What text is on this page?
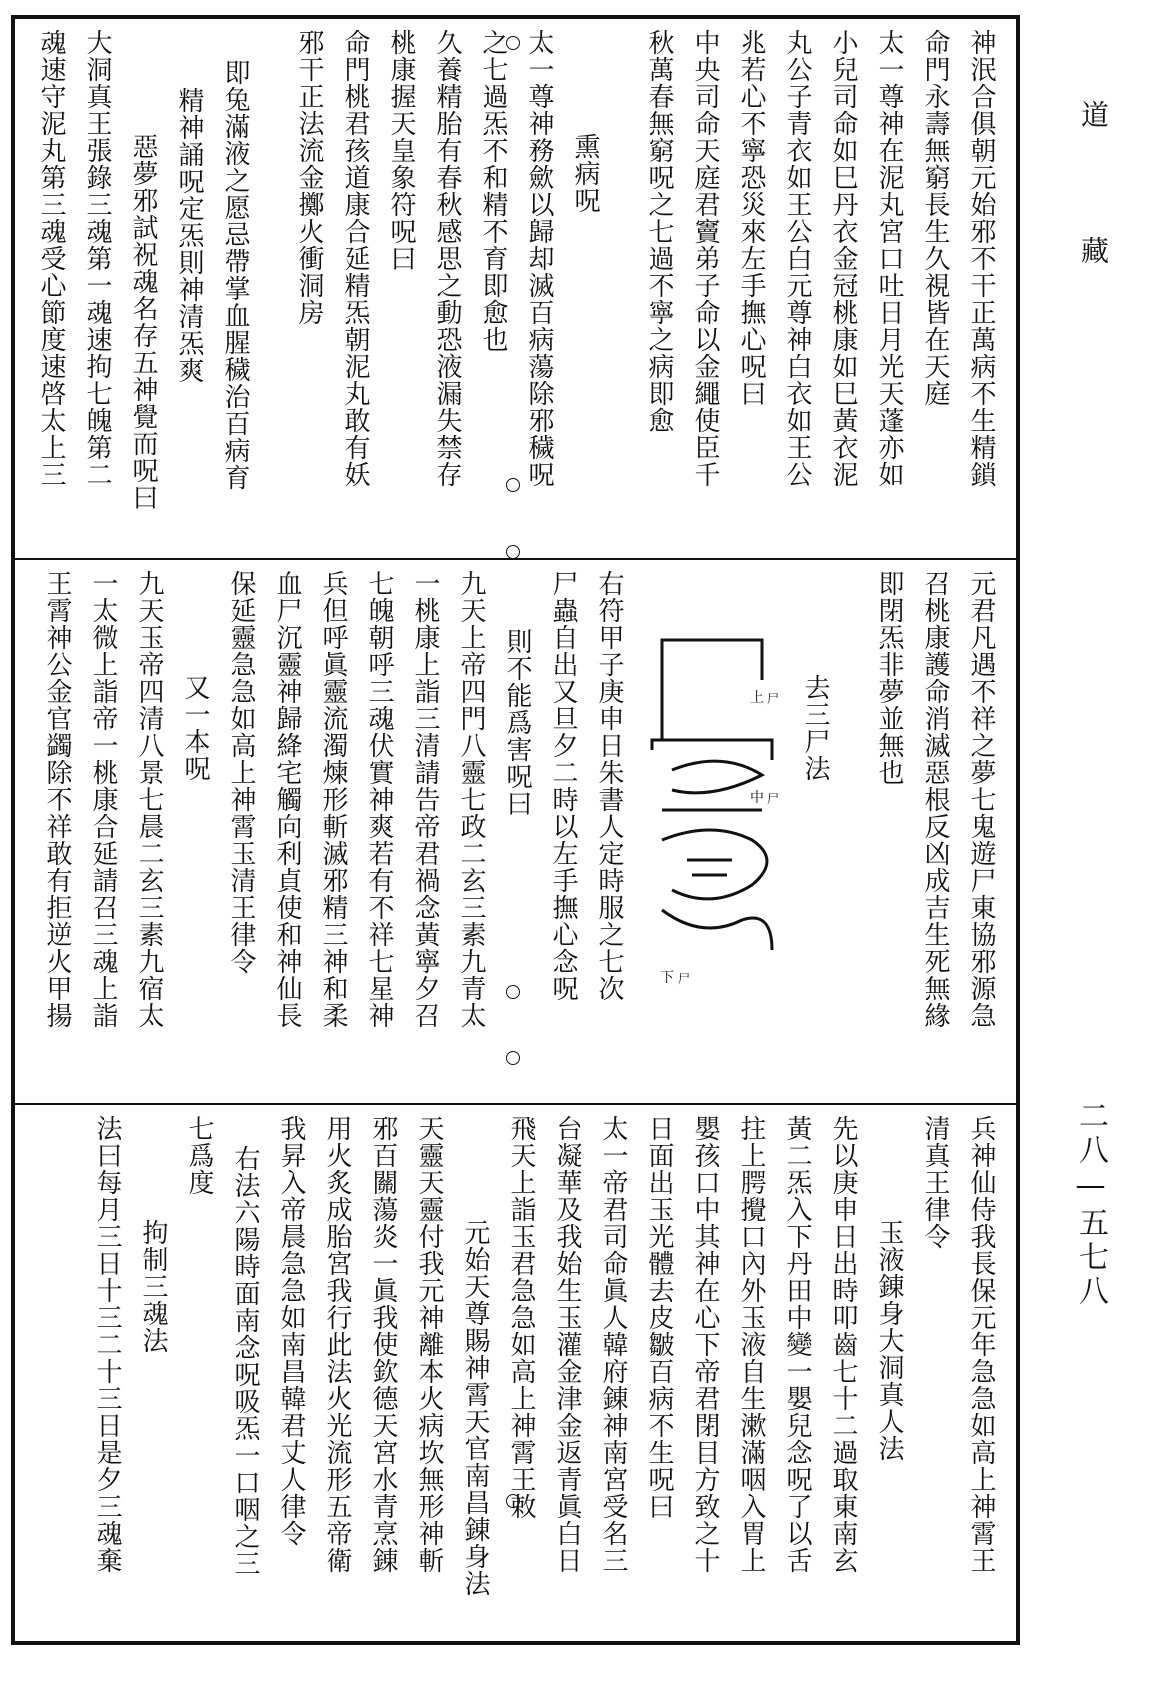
道
藏
二八—五七八
神泯合俱朝元始邪不干正萬病不生精鎖
命門永壽無窮長生久視皆在天庭
太一尊神在泥丸宮口吐日月光天蓬亦如
小兒司命如巳丹衣金冠桃康如巳黃衣泥
丸公子青衣如王公白元尊神白衣如王公
兆若心不寧恐災來左手撫心呪曰
中央司命天庭君竇弟子命以金繩使臣千
秋萬春無窮呪之七過不寧之病即愈
熏病呪
太一尊神務歛以歸却滅百病蕩除邪穢呪
之七過炁不和精不育即愈也
久養精胎有春秋感思之動恐液漏失禁存
桃康握天皇象符呪曰
命門桃君孩道康合延精炁朝泥丸敢有妖
邪干正法流金擲火衝洞房
即兔滿液之愿忌帶掌血腥穢治百病育
精神誦呪定炁則神清炁爽
惡夢邪試祝魂名存五神覺而呪曰
大洞真王張錄三魂第一魂速拘七魄第二
魂速守泥丸第三魂受心節度速啓太上三
元君凡遇不祥之夢七鬼遊尸東協邪源急
召桃康護命消滅惡根反凶成吉生死無緣
即閉炁非夢並無也
去三尸法
上 尸
中 尸
下 尸
右符甲子庚申日朱書人定時服之七次
尸蟲自出又旦夕二時以左手撫心念呪
則不能爲害呪曰
九天上帝四門八靈七政二玄三素九青太
一桃康上詣三清請告帝君禍念黃寧夕召
七魄朝呼三魂伏實神爽若有不祥七星神
兵但呼眞靈流濁煉形斬滅邪精三神和柔
血尸沉靈神歸絳宅觸向利貞使和神仙長
保延靈急急如高上神霄玉清王律令
又一本呪
九天玉帝四清八景七晨二玄三素九宿太
一太微上詣帝一桃康合延請召三魂上詣
王霄神公金官蠲除不祥敢有拒逆火甲揚
兵神仙侍我長保元年急急如高上神霄王
清真王律令
玉液錬身大洞真人法
先以庚申日出時叩齒七十二過取東南玄
黃二炁入下丹田中變一嬰兒念呪了以舌
拄上腭攪口內外玉液自生漱滿咽入胃上
嬰孩口中其神在心下帝君閉目方致之十
日面出玉光體去皮皺百病不生呪曰
太一帝君司命眞人韓府錬神南宮受名三
台凝華及我始生玉灌金津金返青眞白日
飛天上詣玉君急急如高上神霄王敕
元始天尊賜神霄天官南昌錬身法
天靈天靈付我元神離本火病坎無形神斬
邪百關蕩炎一眞我使欽德天宮水青烹錬
用火炙成胎宮我行此法火光流形五帝衛
我昇入帝晨急急如南昌韓君丈人律令
右法六陽時面南念呪吸炁一口咽之三
七爲度
拘制三魂法
法曰每月三日十三二十三日是夕三魂棄
